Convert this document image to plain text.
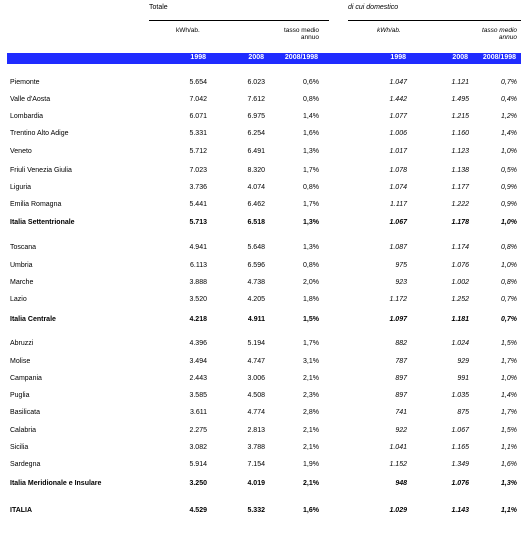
Totale	di cui domestico
kWh/ab.	tasso medio
annuo
kWh/ab.	tasso medio
annuo
1998	2008	2008/1998	1998	2008 2008/1998
Piemonte	5.654	6.023	0,6%	1.047	1.121	0,7%
Valle d'Aosta	7.042	7.612	0,8%	1.442	1.495	0,4%
Lombardia	6.071	6.975	1,4%	1.077	1.215	1,2%
Trentino Alto Adige	5.331	6.254	1,6%	1.006	1.160	1,4%
Veneto	5.712	6.491	1,3%	1.017	1.123	1,0%
Friuli Venezia Giulia	7.023	8.320	1,7%	1.078	1.138	0,5%
Liguria	3.736	4.074	0,8%	1.074	1.177	0,9%
Emilia Romagna	5.441	6.462	1,7%	1.117	1.222	0,9%
Italia Settentrionale	5.713	6.518	1,3%	1.067	1.178	1,0%
Toscana	4.941	5.648	1,3%	1.087	1.174	0,8%
Umbria	6.113	6.596	0,8%	975	1.076	1,0%
Marche	3.888	4.738	2,0%	923	1.002	0,8%
Lazio	3.520	4.205	1,8%	1.172	1.252	0,7%
Italia Centrale	4.218	4.911	1,5%	1.097	1.181	0,7%
Abruzzi	4.396	5.194	1,7%	882	1.024	1,5%
Molise	3.494	4.747	3,1%	787	929	1,7%
Campania	2.443	3.006	2,1%	897	991	1,0%
Puglia	3.585	4.508	2,3%	897	1.035	1,4%
Basilicata	3.611	4.774	2,8%	741	875	1,7%
Calabria	2.275	2.813	2,1%	922	1.067	1,5%
Sicilia	3.082	3.788	2,1%	1.041	1.165	1,1%
Sardegna	5.914	7.154	1,9%	1.152	1.349	1,6%
Italia Meridionale e Insulare	3.250	4.019	2,1%	948	1.076	1,3%
ITALIA	4.529	5.332	1,6%	1.029	1.143	1,1%
